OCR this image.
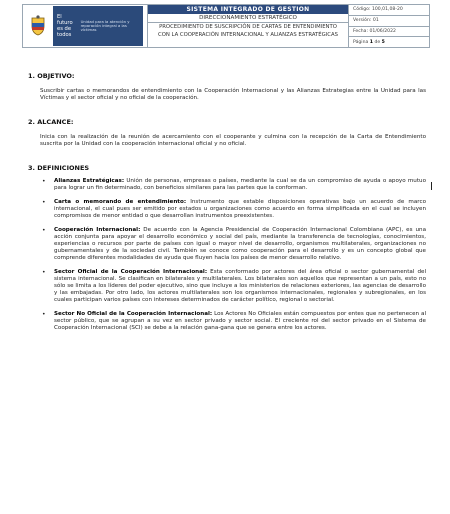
El futuro es de todos
Unidad para la atención y reparación integral a las víctimas
SISTEMA INTEGRADO DE GESTION
DIRECCIONAMIENTO ESTRATÉGICO
PROCEDIMIENTO DE SUSCRIPCIÓN DE CARTAS DE ENTENDIMIENTO CON LA COOPERACIÓN INTERNACIONAL Y ALIANZAS ESTRATÉGICAS
Código: 100,01,08-20
Versión: 01
Fecha: 01/06/2022
Página
1
de
5

1. OBJETIVO:

Suscribir cartas o memorandos de entendimiento con la Cooperación Internacional y las Alianzas Estrategias entre la Unidad para las Víctimas y el sector oficial y no oficial de la cooperación.

2. ALCANCE:

Inicia con la realización de la reunión de acercamiento con el cooperante y culmina con la recepción de la Carta de Entendimiento suscrita por la Unidad con la cooperación internacional oficial y no oficial.

3. DEFINICIONES

• Alianzas Estratégicas: Unión de personas, empresas o países, mediante la cual se da un compromiso de ayuda o apoyo mutuo para lograr un fin determinado, con beneficios similares para las partes que la conforman.
• Carta o memorando de entendimiento: Instrumento que estable disposiciones operativas bajo un acuerdo de marco internacional, el cual pues ser emitido por estados u organizaciones como acuerdo en forma simplificada en el cual se incluyen compromisos de menor entidad o que desarrollan instrumentos preexistentes.
• Cooperación Internacional: De acuerdo con la Agencia Presidencial de Cooperación Internacional Colombiana (APC), es una acción conjunta para apoyar el desarrollo económico y social del país, mediante la transferencia de tecnologías, conocimientos, experiencias o recursos por parte de países con igual o mayor nivel de desarrollo, organismos multilaterales, organizaciones no gubernamentales y de la sociedad civil. También se conoce como cooperación para el desarrollo y es un concepto global que comprende diferentes modalidades de ayuda que fluyen hacia los países de menor desarrollo relativo.
• Sector Oficial de la Cooperación Internacional: Esta conformado por actores del área oficial o sector gubernamental del sistema internacional. Se clasifican en bilaterales y multilaterales. Los bilaterales son aquellos que representan a un país, esto no sólo se limita a los líderes del poder ejecutivo, sino que incluye a los ministerios de relaciones exteriores, las agencias de desarrollo y las embajadas. Por otro lado, los actores multilaterales son los organismos internacionales, regionales y subregionales, en los cuales participan varios países con intereses determinados de carácter político, regional o sectorial.
• Sector No Oficial de la Cooperación Internacional: Los Actores No Oficiales están compuestos por entes que no pertenecen al sector público, que se agrupan a su vez en sector privado y sector social. El creciente rol del sector privado en el Sistema de Cooperación Internacional (SCI) se debe a la relación gana-gana que se genera entre los actores.
